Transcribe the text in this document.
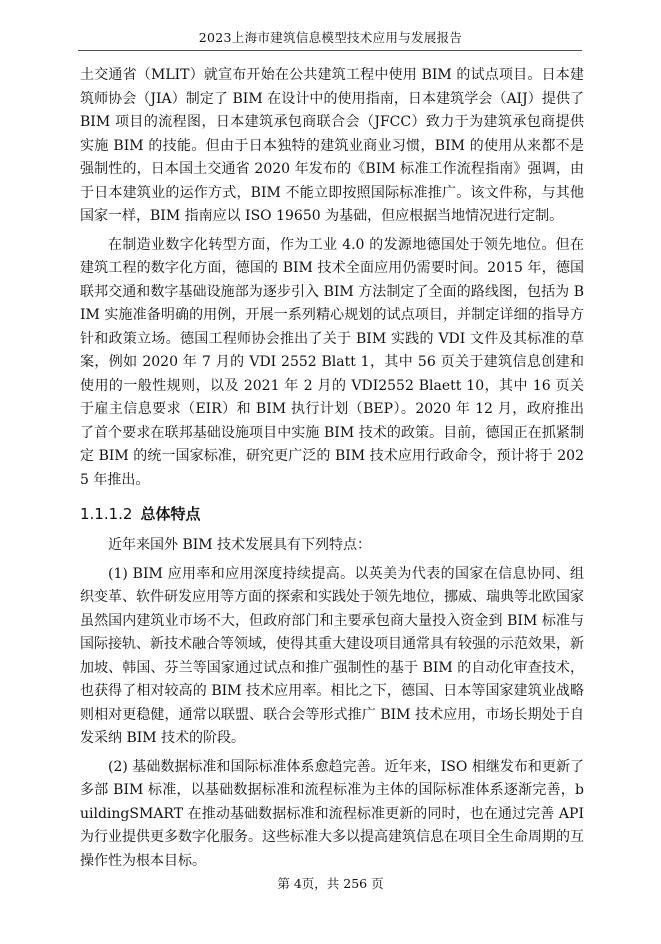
2023上海市建筑信息模型技术应用与发展报告

土交通省（MLIT）就宣布开始在公共建筑工程中使用 BIM 的试点项目。日本建筑师协会（JIA）制定了 BIM 在设计中的使用指南，日本建筑学会（AIJ）提供了 BIM 项目的流程图，日本建筑承包商联合会（JFCC）致力于为建筑承包商提供实施 BIM 的技能。但由于日本独特的建筑业商业习惯，BIM 的使用从来都不是强制性的，日本国土交通省 2020 年发布的《BIM 标准工作流程指南》强调，由于日本建筑业的运作方式，BIM 不能立即按照国际标准推广。该文件称，与其他国家一样，BIM 指南应以 ISO 19650 为基础，但应根据当地情况进行定制。

在制造业数字化转型方面，作为工业 4.0 的发源地德国处于领先地位。但在建筑工程的数字化方面，德国的 BIM 技术全面应用仍需要时间。2015 年，德国联邦交通和数字基础设施部为逐步引入 BIM 方法制定了全面的路线图，包括为 BIM 实施准备明确的用例，开展一系列精心规划的试点项目，并制定详细的指导方针和政策立场。德国工程师协会推出了关于 BIM 实践的 VDI 文件及其标准的草案，例如 2020 年 7 月的 VDI 2552 Blatt 1，其中 56 页关于建筑信息创建和使用的一般性规则，以及 2021 年 2 月的 VDI2552 Blaett 10，其中 16 页关于雇主信息要求（EIR）和 BIM 执行计划（BEP）。2020 年 12 月，政府推出了首个要求在联邦基础设施项目中实施 BIM 技术的政策。目前，德国正在抓紧制定 BIM 的统一国家标准，研究更广泛的 BIM 技术应用行政命令，预计将于 2025 年推出。

1.1.1.2 总体特点

近年来国外 BIM 技术发展具有下列特点：

(1) BIM 应用率和应用深度持续提高。以英美为代表的国家在信息协同、组织变革、软件研发应用等方面的探索和实践处于领先地位，挪威、瑞典等北欧国家虽然国内建筑业市场不大，但政府部门和主要承包商大量投入资金到 BIM 标准与国际接轨、新技术融合等领域，使得其重大建设项目通常具有较强的示范效果，新加坡、韩国、芬兰等国家通过试点和推广强制性的基于 BIM 的自动化审查技术，也获得了相对较高的 BIM 技术应用率。相比之下，德国、日本等国家建筑业战略则相对更稳健，通常以联盟、联合会等形式推广 BIM 技术应用，市场长期处于自发采纳 BIM 技术的阶段。

(2) 基础数据标准和国际标准体系愈趋完善。近年来，ISO 相继发布和更新了多部 BIM 标准，以基础数据标准和流程标准为主体的国际标准体系逐渐完善，buildingSMART 在推动基础数据标准和流程标准更新的同时，也在通过完善 API 为行业提供更多数字化服务。这些标准大多以提高建筑信息在项目全生命周期的互操作性为根本目标。

第 4页，共 256 页
